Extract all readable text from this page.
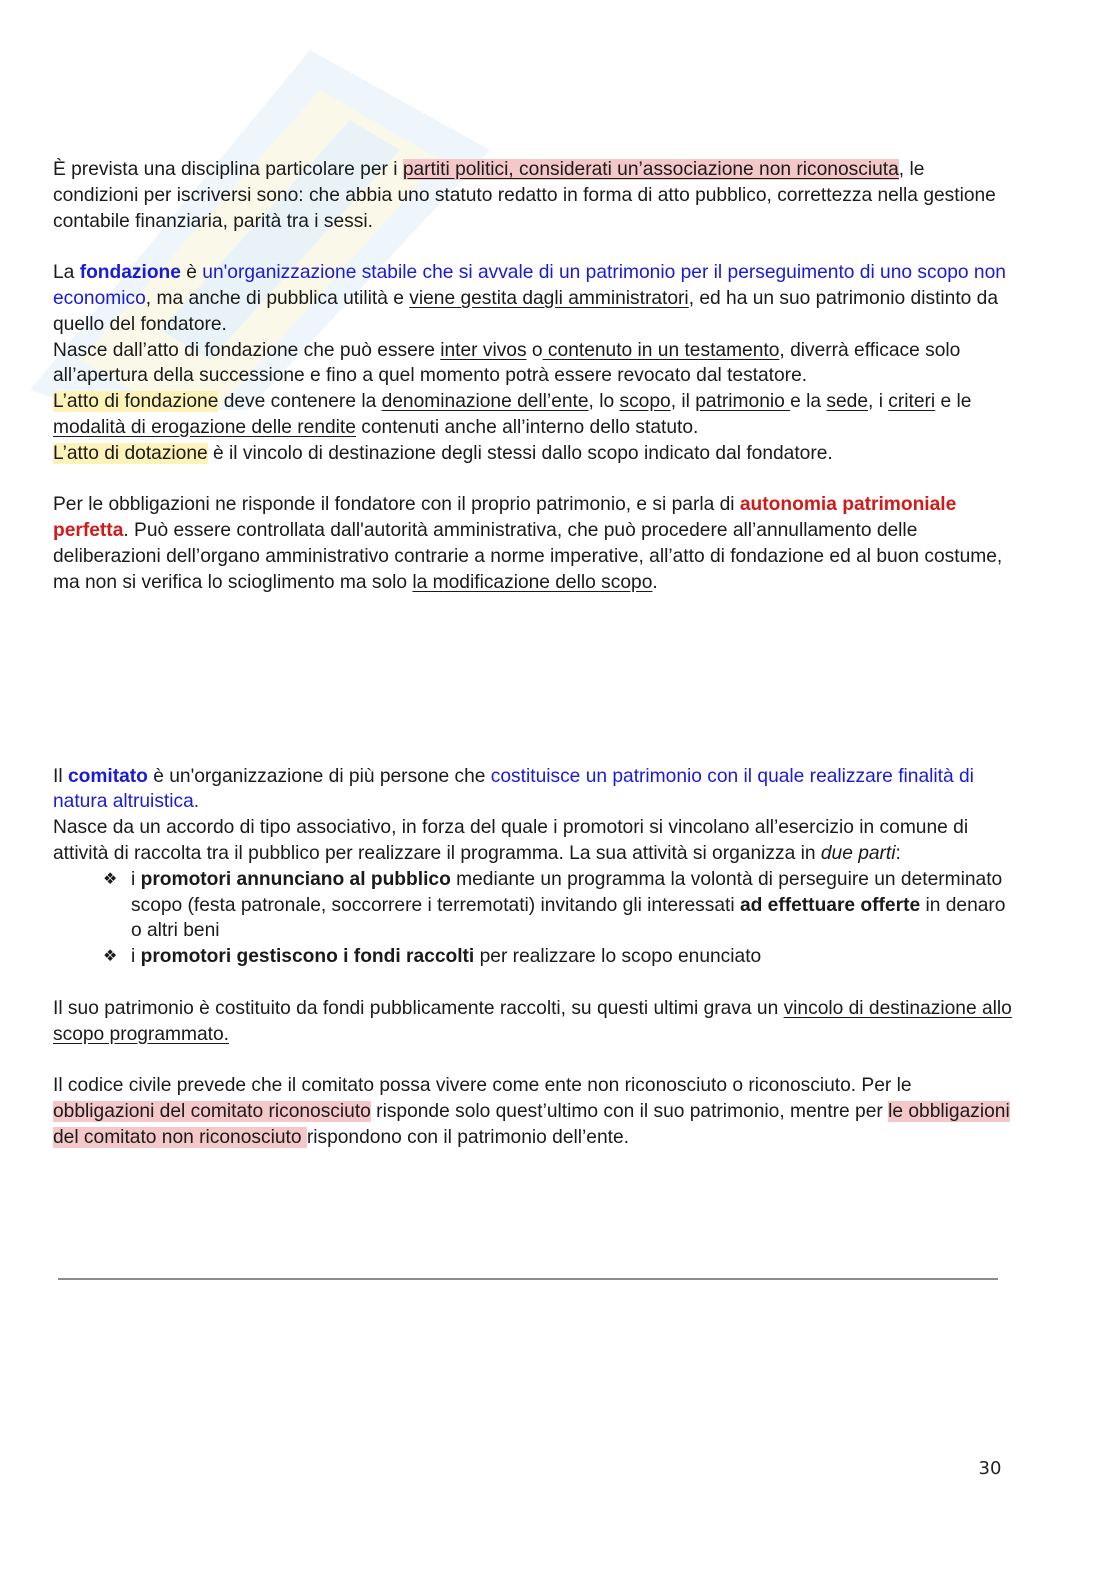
È prevista una disciplina particolare per i partiti politici, considerati un’associazione non riconosciuta, le condizioni per iscriversi sono: che abbia uno statuto redatto in forma di atto pubblico, correttezza nella gestione contabile finanziaria, parità tra i sessi.

La fondazione è un'organizzazione stabile che si avvale di un patrimonio per il perseguimento di uno scopo non economico, ma anche di pubblica utilità e viene gestita dagli amministratori, ed ha un suo patrimonio distinto da quello del fondatore.

Nasce dall’atto di fondazione che può essere inter vivos o contenuto in un testamento, diverrà efficace solo all’apertura della successione e fino a quel momento potrà essere revocato dal testatore.

L’atto di fondazione deve contenere la denominazione dell’ente, lo scopo, il patrimonio e la sede, i criteri e le modalità di erogazione delle rendite contenuti anche all’interno dello statuto.

L’atto di dotazione è il vincolo di destinazione degli stessi dallo scopo indicato dal fondatore.

Per le obbligazioni ne risponde il fondatore con il proprio patrimonio, e si parla di autonomia patrimoniale perfetta. Può essere controllata dall'autorità amministrativa, che può procedere all’annullamento delle deliberazioni dell’organo amministrativo contrarie a norme imperative, all’atto di fondazione ed al buon costume, ma non si verifica lo scioglimento ma solo la modificazione dello scopo.

Il comitato è un'organizzazione di più persone che costituisce un patrimonio con il quale realizzare finalità di natura altruistica.

Nasce da un accordo di tipo associativo, in forza del quale i promotori si vincolano all’esercizio in comune di attività di raccolta tra il pubblico per realizzare il programma. La sua attività si organizza in due parti:

❖ i promotori annunciano al pubblico mediante un programma la volontà di perseguire un determinato scopo (festa patronale, soccorrere i terremotati) invitando gli interessati ad effettuare offerte in denaro o altri beni
❖ i promotori gestiscono i fondi raccolti per realizzare lo scopo enunciato

Il suo patrimonio è costituito da fondi pubblicamente raccolti, su questi ultimi grava un vincolo di destinazione allo scopo programmato.

Il codice civile prevede che il comitato possa vivere come ente non riconosciuto o riconosciuto. Per le obbligazioni del comitato riconosciuto risponde solo quest’ultimo con il suo patrimonio, mentre per le obbligazioni del comitato non riconosciuto rispondono con il patrimonio dell’ente.

30
